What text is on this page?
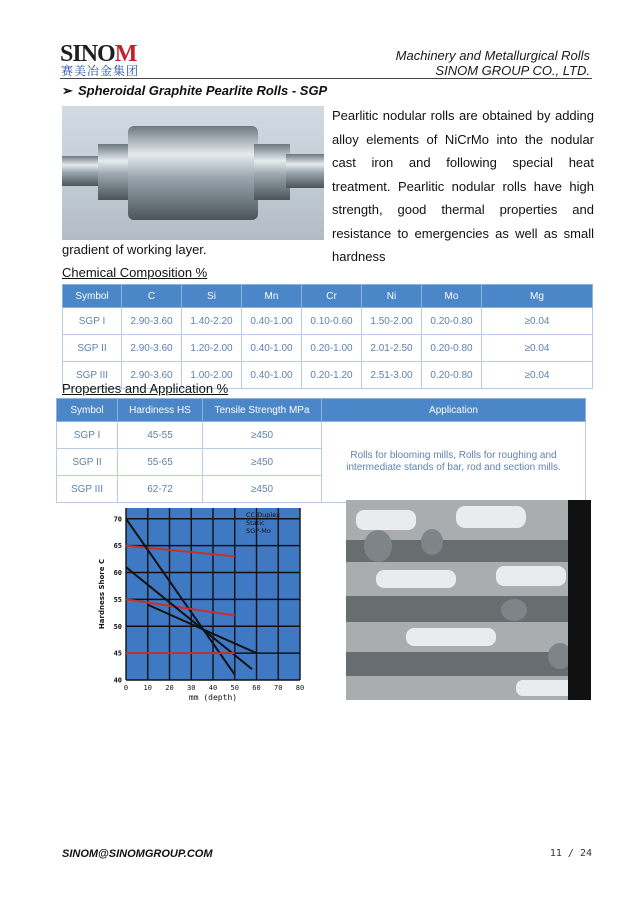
SINOM
赛美冶金集团
Machinery and Metallurgical Rolls
SINOM GROUP CO., LTD.
➢ Spheroidal Graphite Pearlite Rolls - SGP
Pearlitic nodular rolls are obtained by adding alloy elements of NiCrMo into the nodular cast iron and following special heat treatment. Pearlitic nodular rolls have high strength, good thermal properties and resistance to emergencies as well as small hardness
gradient of working layer.
Chemical Composition %
Symbol	C	Si	Mn	Cr	Ni	Mo	Mg
SGP I	2.90-3.60	1.40-2.20	0.40-1.00	0.10-0.60	1.50-2.00	0.20-0.80	≥0.04
SGP II	2.90-3.60	1.20-2.00	0.40-1.00	0.20-1.00	2.01-2.50	0.20-0.80	≥0.04
SGP III	2.90-3.60	1.00-2.00	0.40-1.00	0.20-1.20	2.51-3.00	0.20-0.80	≥0.04
Properties and Application %
Symbol	Hardiness HS	Tensile Strength MPa	Application
SGP I	45-55	≥450	Rolls for blooming mills, Rolls for roughing and intermediate stands of bar, rod and section mills.
SGP II	55-65	≥450	
SGP III	62-72	≥450	
0 10 20 30 40 50 60 70 80
40
45
50
55
60
65
70
CC Duplex
Static
SGP-Mo
mm (depth)
Hardness Shore C
SINOM@SINOMGROUP.COM	11 / 24
